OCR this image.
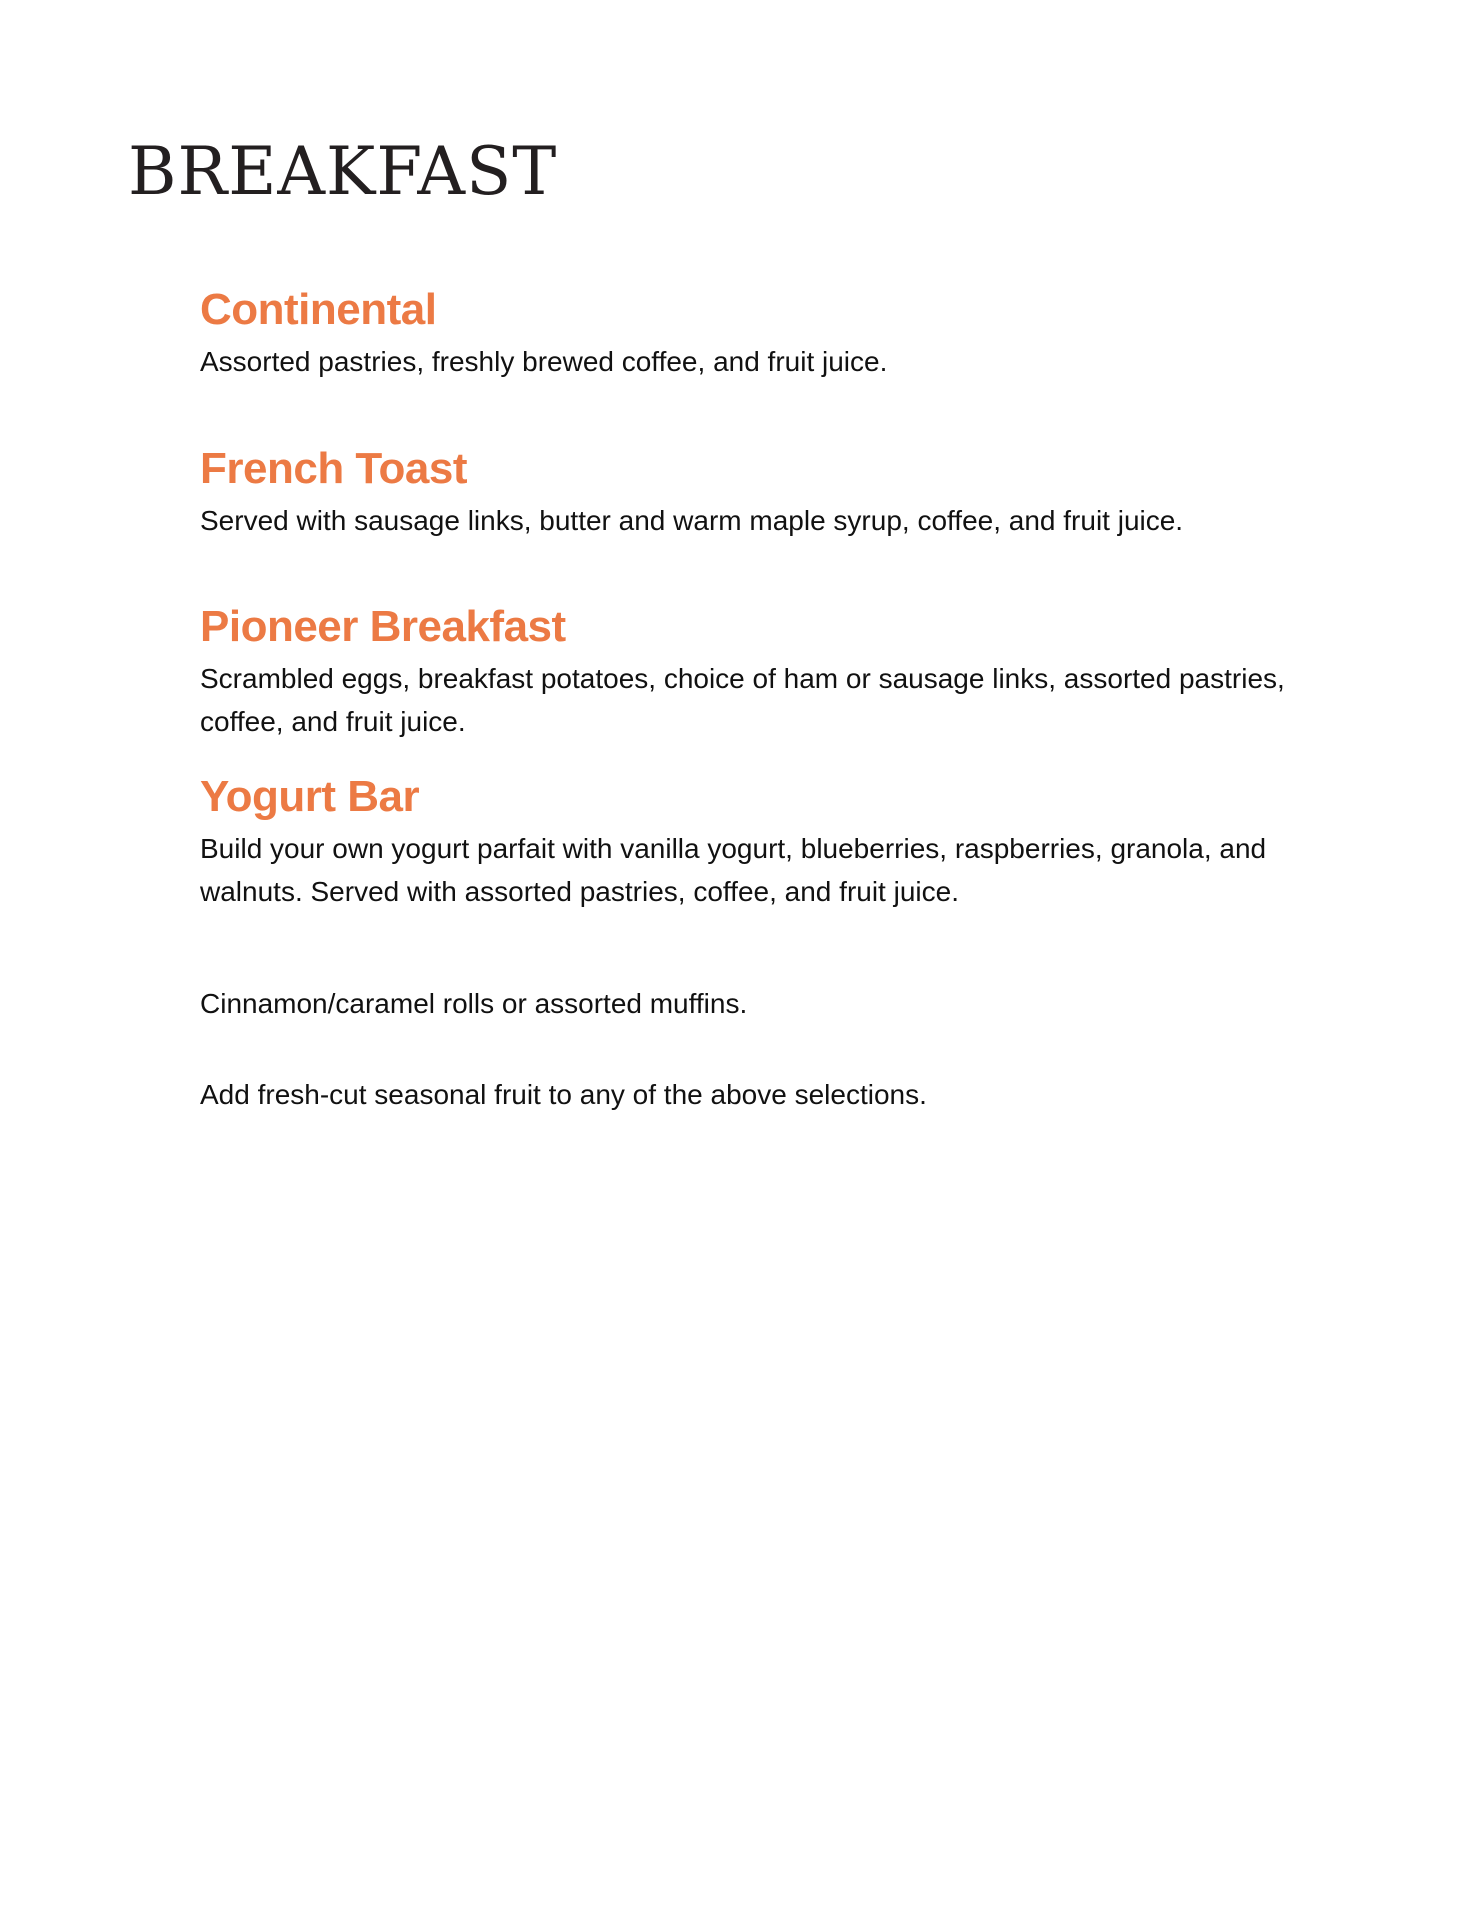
BREAKFAST
Continental

Assorted pastries, freshly brewed coffee, and fruit juice.

French Toast

Served with sausage links, butter and warm maple syrup, coffee, and fruit juice.

Pioneer Breakfast

Scrambled eggs, breakfast potatoes, choice of ham or sausage links, assorted pastries, coffee, and fruit juice.

Yogurt Bar

Build your own yogurt parfait with vanilla yogurt, blueberries, raspberries, granola, and walnuts. Served with assorted pastries, coffee, and fruit juice.

Cinnamon/caramel rolls or assorted muffins.

Add fresh-cut seasonal fruit to any of the above selections.
